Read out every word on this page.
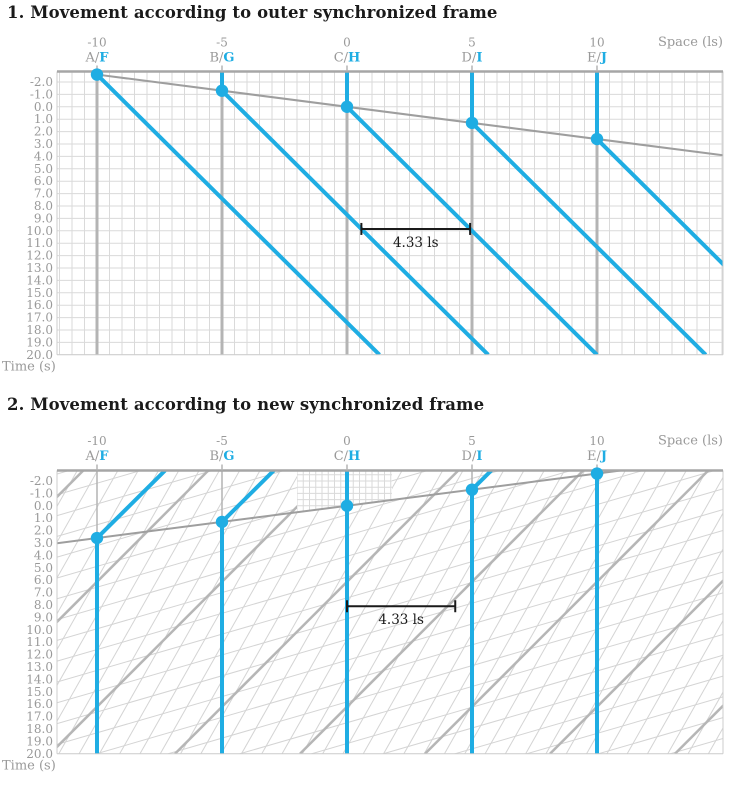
1. Movement according to outer synchronized frame
2. Movement according to new synchronized frame
4.33 ls
-10
A/F
-5
B/G
0
C/H
5
D/I
10
E/J
Space (ls)
-2.0
-1.0
0.0
1.0
2.0
3.0
4.0
5.0
6.0
7.0
8.0
9.0
10.0
11.0
12.0
13.0
14.0
15.0
16.0
17.0
18.0
19.0
20.0
Time (s)
4.33 ls
-10
A/F
-5
B/G
0
C/H
5
D/I
10
E/J
Space (ls)
-2.0
-1.0
0.0
1.0
2.0
3.0
4.0
5.0
6.0
7.0
8.0
9.0
10.0
11.0
12.0
13.0
14.0
15.0
16.0
17.0
18.0
19.0
20.0
Time (s)
